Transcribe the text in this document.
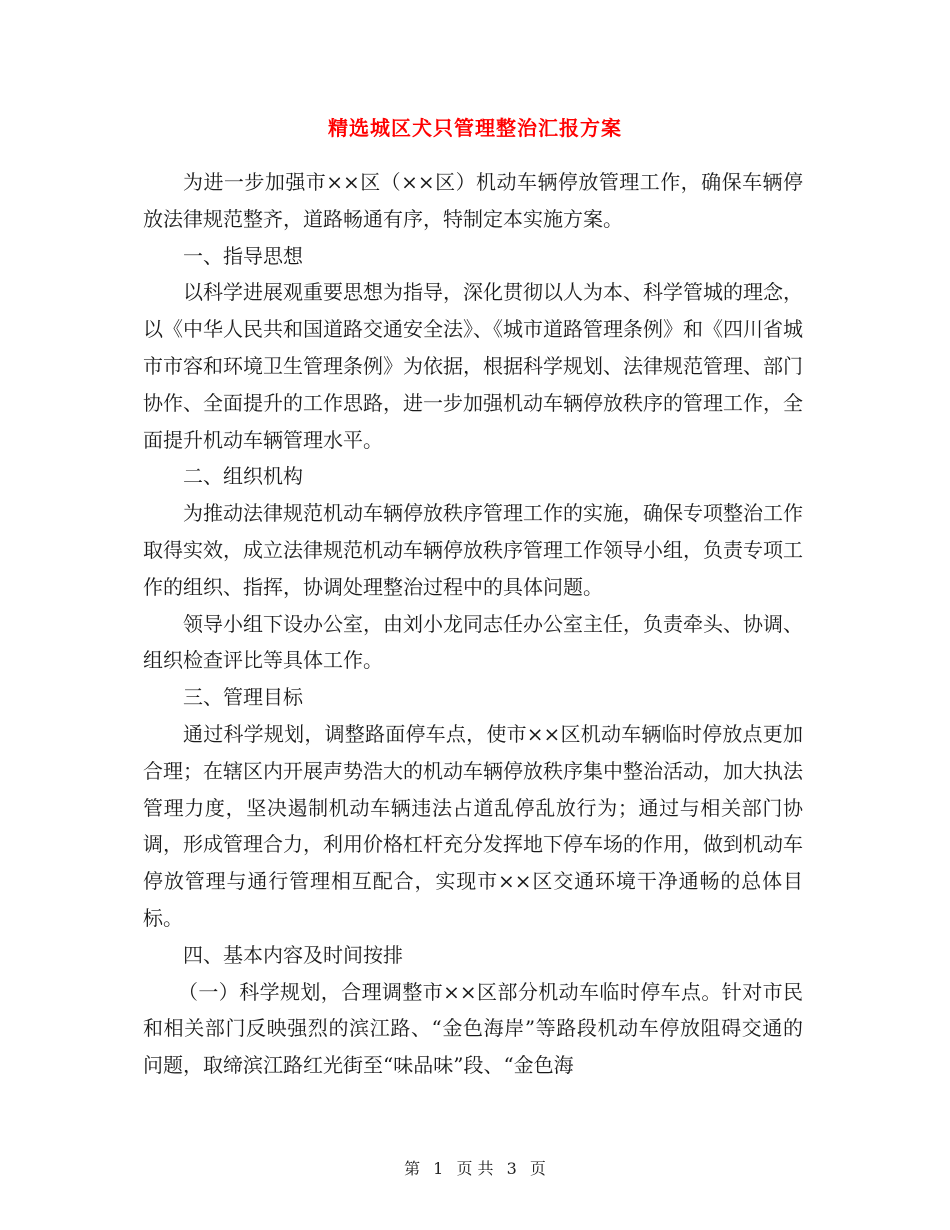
精选城区犬只管理整治汇报方案

为进一步加强市××区（××区）机动车辆停放管理工作，确保车辆停放法律规范整齐，道路畅通有序，特制定本实施方案。

一、指导思想

以科学进展观重要思想为指导，深化贯彻以人为本、科学管城的理念，以《中华人民共和国道路交通安全法》、《城市道路管理条例》和《四川省城市市容和环境卫生管理条例》为依据，根据科学规划、法律规范管理、部门协作、全面提升的工作思路，进一步加强机动车辆停放秩序的管理工作，全面提升机动车辆管理水平。

二、组织机构

为推动法律规范机动车辆停放秩序管理工作的实施，确保专项整治工作取得实效，成立法律规范机动车辆停放秩序管理工作领导小组，负责专项工作的组织、指挥，协调处理整治过程中的具体问题。

领导小组下设办公室，由刘小龙同志任办公室主任，负责牵头、协调、组织检查评比等具体工作。

三、管理目标

通过科学规划，调整路面停车点，使市××区机动车辆临时停放点更加合理；在辖区内开展声势浩大的机动车辆停放秩序集中整治活动，加大执法管理力度，坚决遏制机动车辆违法占道乱停乱放行为；通过与相关部门协调，形成管理合力，利用价格杠杆充分发挥地下停车场的作用，做到机动车停放管理与通行管理相互配合，实现市××区交通环境干净通畅的总体目标。

四、基本内容及时间按排

（一）科学规划，合理调整市××区部分机动车临时停车点。针对市民和相关部门反映强烈的滨江路、“金色海岸”等路段机动车停放阻碍交通的问题，取缔滨江路红光街至“味品味”段、“金色海

第 1 页 共 3 页
